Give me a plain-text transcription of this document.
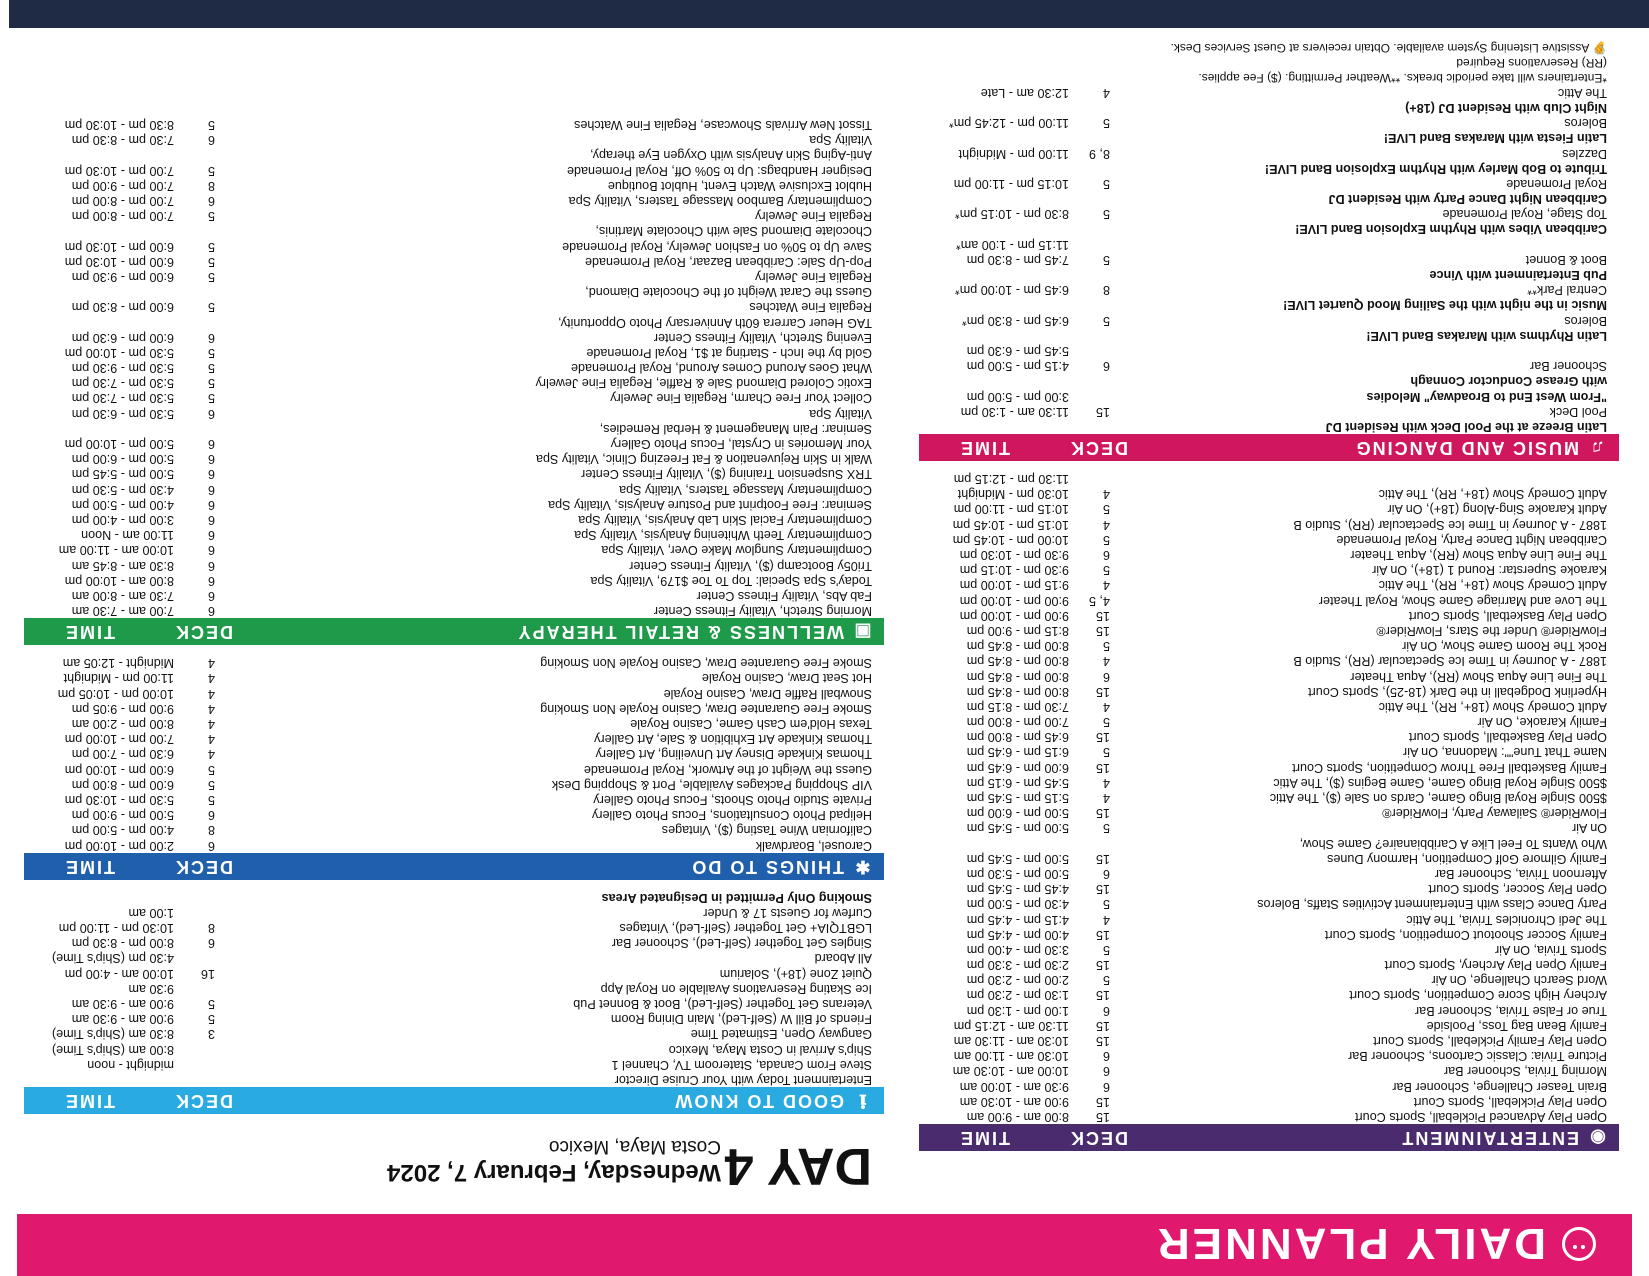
DAILY PLANNER
DAY 4
Wednesday, February 7, 2024
Costa Maya, Mexico
ℹ
GOOD TO KNOW
DECK
TIME
Entertainment Today with Your Cruise Director
Steve From Canada, Stateroom TV, Channel 1
midnight - noon
Ship's Arrival in Costa Maya, Mexico
8:00 am (Ship's Time)
Gangway Open, Estimated Time
3
8:30 am (Ship's Time)
Friends of Bill W (Self-Led), Main Dining Room
5
9:00 am - 9:30 am
Veterans Get Together (Self-Led), Boot & Bonnet Pub
5
9:00 am - 9:30 am
Ice Skating Reservations Available on Royal App
9:30 am
Quiet Zone (18+), Solarium
16
10:00 am - 4:00 pm
All Aboard
4:30 pm (Ship's Time)
Singles Get Together (Self-Led), Schooner Bar
6
8:00 pm - 8:30 pm
LGBTQIA+ Get Together (Self-Led), Vintages
8
10:30 pm - 11:00 pm
Curfew for Guests 17 & Under
1:00 am
Smoking Only Permitted in Designated Areas
✱
THINGS TO DO
DECK
TIME
Carousel, Boardwalk
6
2:00 pm - 10:00 pm
Californian Wine Tasting ($), Vintages
8
4:00 pm - 5:00 pm
Helipad Photo Consultations, Focus Photo Gallery
6
5:00 pm - 9:00 pm
Private Studio Photo Shoots, Focus Photo Gallery
5
5:30 pm - 10:30 pm
VIP Shopping Packages Available, Port & Shopping Desk
5
6:00 pm - 8:00 pm
Guess the Weight of the Artwork, Royal Promenade
5
6:00 pm - 10:00 pm
Thomas Kinkade Disney Art Unveiling, Art Gallery
4
6:30 pm - 7:00 pm
Thomas Kinkade Art Exhibition & Sale, Art Gallery
4
7:00 pm - 10:00 pm
Texas Hold'em Cash Game, Casino Royale
4
8:00 pm - 2:00 am
Smoke Free Guarantee Draw, Casino Royale Non Smoking
4
9:00 pm - 9:05 pm
Snowball Raffle Draw, Casino Royale
4
10:00 pm - 10:05 pm
Hot Seat Draw, Casino Royale
4
11:00 pm - Midnight
Smoke Free Guarantee Draw, Casino Royale Non Smoking
4
Midnight - 12:05 am
▣
WELLNESS & RETAIL THERAPY
DECK
TIME
Morning Stretch, Vitality Fitness Center
6
7:00 am - 7:30 am
Fab Abs, Vitality Fitness Center
6
7:30 am - 8:00 am
Today's Spa Special: Top To Toe $179, Vitality Spa
6
8:00 am - 10:00 pm
Tri05y Bootcamp ($), Vitality Fitness Center
6
8:30 am - 8:45 am
Complimentary Sunglow Make Over, Vitality Spa
6
10:00 am - 11:00 am
Complimentary Teeth Whitening Analysis, Vitality Spa
6
11:00 am - Noon
Complimentary Facial Skin Lab Analysis, Vitality Spa
6
3:00 pm - 4:00 pm
Seminar: Free Footprint and Posture Analysis, Vitality Spa
6
4:00 pm - 5:00 pm
Complimentary Massage Tasters, Vitality Spa
6
4:30 pm - 5:30 pm
TRX Suspension Training ($), Vitality Fitness Center
6
5:00 pm - 5:45 pm
Walk in Skin Rejuvenation & Fat Freezing Clinic, Vitality Spa
6
5:00 pm - 6:00 pm
Your Memories in Crystal, Focus Photo Gallery
6
5:00 pm - 10:00 pm
Seminar: Pain Management & Herbal Remedies,
Vitality Spa
6
5:30 pm - 6:30 pm
Collect Your Free Charm, Regalia Fine Jewelry
5
5:30 pm - 7:30 pm
Exotic Colored Diamond Sale & Raffle, Regalia Fine Jewelry
5
5:30 pm - 7:30 pm
What Goes Around Comes Around, Royal Promenade
5
5:30 pm - 9:30 pm
Gold by the Inch - Starting at $1, Royal Promenade
5
5:30 pm - 10:00 pm
Evening Stretch, Vitality Fitness Center
6
6:00 pm - 6:30 pm
TAG Heuer Carrera 60th Anniversary Photo Opportunity,
Regalia Fine Watches
5
6:00 pm - 8:30 pm
Guess the Carat Weight of the Chocolate Diamond,
Regalia Fine Jewelry
5
6:00 pm - 9:30 pm
Pop-Up Sale: Caribbean Bazaar, Royal Promenade
5
6:00 pm - 10:30 pm
Save Up to 50% on Fashion Jewelry, Royal Promenade
5
6:00 pm - 10:30 pm
Chocolate Diamond Sale with Chocolate Martinis,
Regalia Fine Jewelry
5
7:00 pm - 8:00 pm
Complimentary Bamboo Massage Tasters, Vitality Spa
6
7:00 pm - 8:00 pm
Hublot Exclusive Watch Event, Hublot Boutique
8
7:00 pm - 9:00 pm
Designer Handbags: Up to 50% Off, Royal Promenade
5
7:00 pm - 10:30 pm
Anti-Aging Skin Analysis with Oxygen Eye therapy,
Vitality Spa
6
7:30 pm - 8:30 pm
Tissot New Arrivals Showcase, Regalia Fine Watches
5
8:30 pm - 10:30 pm
◉
ENTERTAINMENT
DECK
TIME
Open Play Advanced Pickleball, Sports Court
15
8:00 am - 9:00 am
Open Play Pickleball, Sports Court
15
9:00 am - 10:30 am
Brain Teaser Challenge, Schooner Bar
6
9:30 am - 10:00 am
Morning Trivia, Schooner Bar
6
10:00 am - 10:30 am
Picture Trivia: Classic Cartoons, Schooner Bar
6
10:30 am - 11:00 am
Open Play Family Pickleball, Sports Court
15
10:30 am - 11:30 am
Family Bean Bag Toss, Poolside
15
11:30 am - 12:15 pm
True or False Trivia, Schooner Bar
6
1:00 pm - 1:30 pm
Archery High Score Competition, Sports Court
15
1:30 pm - 2:30 pm
Word Search Challenge, On Air
5
2:00 pm - 2:30 pm
Family Open Play Archery, Sports Court
15
2:30 pm - 3:30 pm
Sports Trivia, On Air
5
3:30 pm - 4:00 pm
Family Soccer Shootout Competition, Sports Court
15
4:00 pm - 4:45 pm
The Jedi Chronicles Trivia, The Attic
4
4:15 pm - 4:45 pm
Party Dance Class with Entertainment Activities Staffs, Boleros
5
4:30 pm - 5:00 pm
Open Play Soccer, Sports Court
15
4:45 pm - 5:45 pm
Afternoon Trivia, Schooner Bar
6
5:00 pm - 5:30 pm
Family Gilmore Golf Competition, Harmony Dunes
15
5:00 pm - 5:45 pm
Who Wants To Feel Like A Caribbianaire? Game Show,
On Air
5
5:00 pm - 5:45 pm
FlowRider® Sailaway Party, FlowRider®
15
5:00 pm - 6:00 pm
$500 Single Royal Bingo Game, Cards on Sale ($), The Attic
4
5:15 pm - 5:45 pm
$500 Single Royal Bingo Game, Game Begins ($), The Attic
4
5:45 pm - 6:15 pm
Family Basketball Free Throw Competition, Sports Court
15
6:00 pm - 6:45 pm
Name That Tune"": Madonna, On Air
5
6:15 pm - 6:45 pm
Open Play Basketball, Sports Court
15
6:45 pm - 8:00 pm
Family Karaoke, On Air
5
7:00 pm - 8:00 pm
Adult Comedy Show (18+, RR), The Attic
4
7:30 pm - 8:15 pm
Hyperlink Dodgeball in the Dark (18-25), Sports Court
15
8:00 pm - 8:45 pm
The Fine Line Aqua Show (RR), Aqua Theater
6
8:00 pm - 8:45 pm
1887 - A Journey in Time Ice Spectacular (RR), Studio B
4
8:00 pm - 8:45 pm
Rock The Room Game Show, On Air
5
8:00 pm - 8:45 pm
FlowRider® Under the Stars, FlowRider®
15
8:15 pm - 9:00 pm
Open Play Basketball, Sports Court
15
9:00 pm - 10:00 pm
The Love and Marriage Game Show, Royal Theater
4, 5
9:00 pm - 10:00 pm
Adult Comedy Show (18+, RR), The Attic
4
9:15 pm - 10:00 pm
Karaoke Superstar: Round 1 (18+), On Air
5
9:30 pm - 10:15 pm
The Fine Line Aqua Show (RR), Aqua Theater
6
9:30 pm - 10:30 pm
Caribbean Night Dance Party, Royal Promenade
5
10:00 pm - 10:45 pm
1887 - A Journey in Time Ice Spectacular (RR), Studio B
4
10:15 pm - 10:45 pm
Adult Karaoke Sing-Along (18+), On Air
5
10:15 pm - 11:00 pm
Adult Comedy Show (18+, RR), The Attic
4
10:30 pm - Midnight
11:30 pm - 12:15 pm
♫
MUSIC AND DANCING
DECK
TIME
Latin Breeze at the Pool Deck with Resident DJ
Pool Deck
15
11:30 am - 1:30 pm
"From West End to Broadway" Melodies
3:00 pm - 5:00 pm
with Grease Conductor Connagh
Schooner Bar
6
4:15 pm - 5:00 pm
5:45 pm - 6:30 pm
Latin Rhythms with Marakas Band LIVE!
Boleros
5
6:45 pm - 8:30 pm*
Music in the night with the Sailing Mood Quartet LIVE!
Central Park**
8
6:45 pm - 10:00 pm*
Pub Entertainment with Vince
Boot & Bonnet
5
7:45 pm - 8:30 pm
11:15 pm - 1:00 am*
Caribbean Vibes with Rhythm Explosion Band LIVE!
Top Stage, Royal Promenade
5
8:30 pm - 10:15 pm*
Caribbean Night Dance Party with Resident DJ
Royal Promenade
5
10:15 pm - 11:00 pm
Tribute to Bob Marley with Rhythm Explosion Band LIVE!
Dazzles
8, 9
11:00 pm - Midnight
Latin Fiesta with Marakas Band LIVE!
Boleros
5
11:00 pm - 12:45 pm*
Night Club with Resident DJ (18+)
The Attic
4
12:30 am - Late
*Entertainers will take periodic breaks. **Weather Permitting. ($) Fee applies.
(RR) Reservations Required
🦻 Assistive Listening System available. Obtain receivers at Guest Services Desk.
